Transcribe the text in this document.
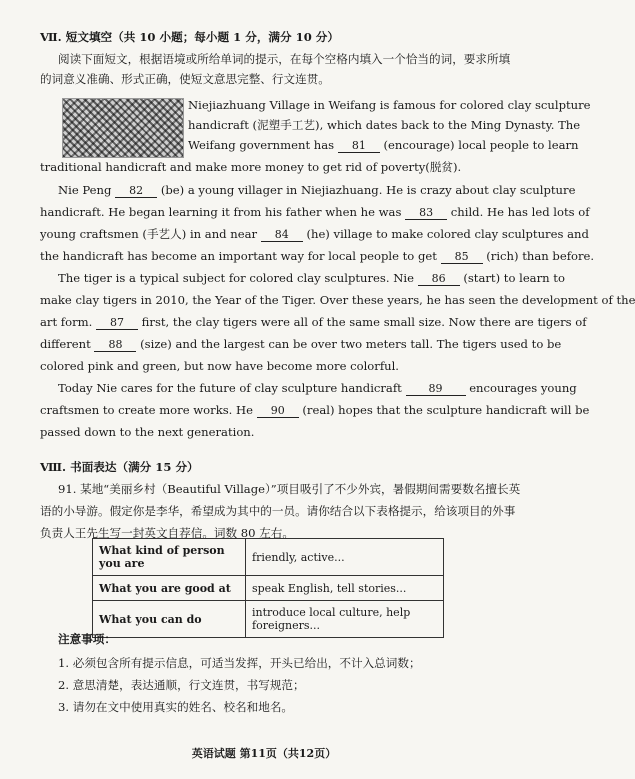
Ⅶ. 短文填空（共 10 小题；每小题 1 分，满分 10 分）
阅读下面短文，根据语境或所给单词的提示，在每个空格内填入一个恰当的词，要求所填
的词意义准确、形式正确，使短文意思完整、行文连贯。
Niejiazhuang Village in Weifang is famous for colored clay sculpture
handicraft (泥塑手工艺), which dates back to the Ming Dynasty. The
Weifang government has 81 (encourage) local people to learn
traditional handicraft and make more money to get rid of poverty(脱贫).
Nie Peng 82 (be) a young villager in Niejiazhuang. He is crazy about clay sculpture
handicraft. He began learning it from his father when he was 83 child. He has led lots of
young craftsmen (手艺人) in and near 84 (he) village to make colored clay sculptures and
the handicraft has become an important way for local people to get 85 (rich) than before.
The tiger is a typical subject for colored clay sculptures. Nie 86 (start) to learn to
make clay tigers in 2010, the Year of the Tiger. Over these years, he has seen the development of the
art form. 87 first, the clay tigers were all of the same small size. Now there are tigers of
different 88 (size) and the largest can be over two meters tall. The tigers used to be
colored pink and green, but now have become more colorful.
Today Nie cares for the future of clay sculpture handicraft 89 encourages young
craftsmen to create more works. He 90 (real) hopes that the sculpture handicraft will be
passed down to the next generation.
Ⅷ. 书面表达（满分 15 分）
91. 某地“美丽乡村（Beautiful Village）”项目吸引了不少外宾，暑假期间需要数名擅长英
语的小导游。假定你是李华，希望成为其中的一员。请你结合以下表格提示，给该项目的外事
负责人王先生写一封英文自荐信。词数 80 左右。
What kind of person you are	friendly, active...
What you are good at	speak English, tell stories...
What you can do	introduce local culture, help foreigners...
注意事项：
1. 必须包含所有提示信息，可适当发挥，开头已给出，不计入总词数；
2. 意思清楚，表达通顺，行文连贯，书写规范；
3. 请勿在文中使用真实的姓名、校名和地名。
英语试题 第11页（共12页）
